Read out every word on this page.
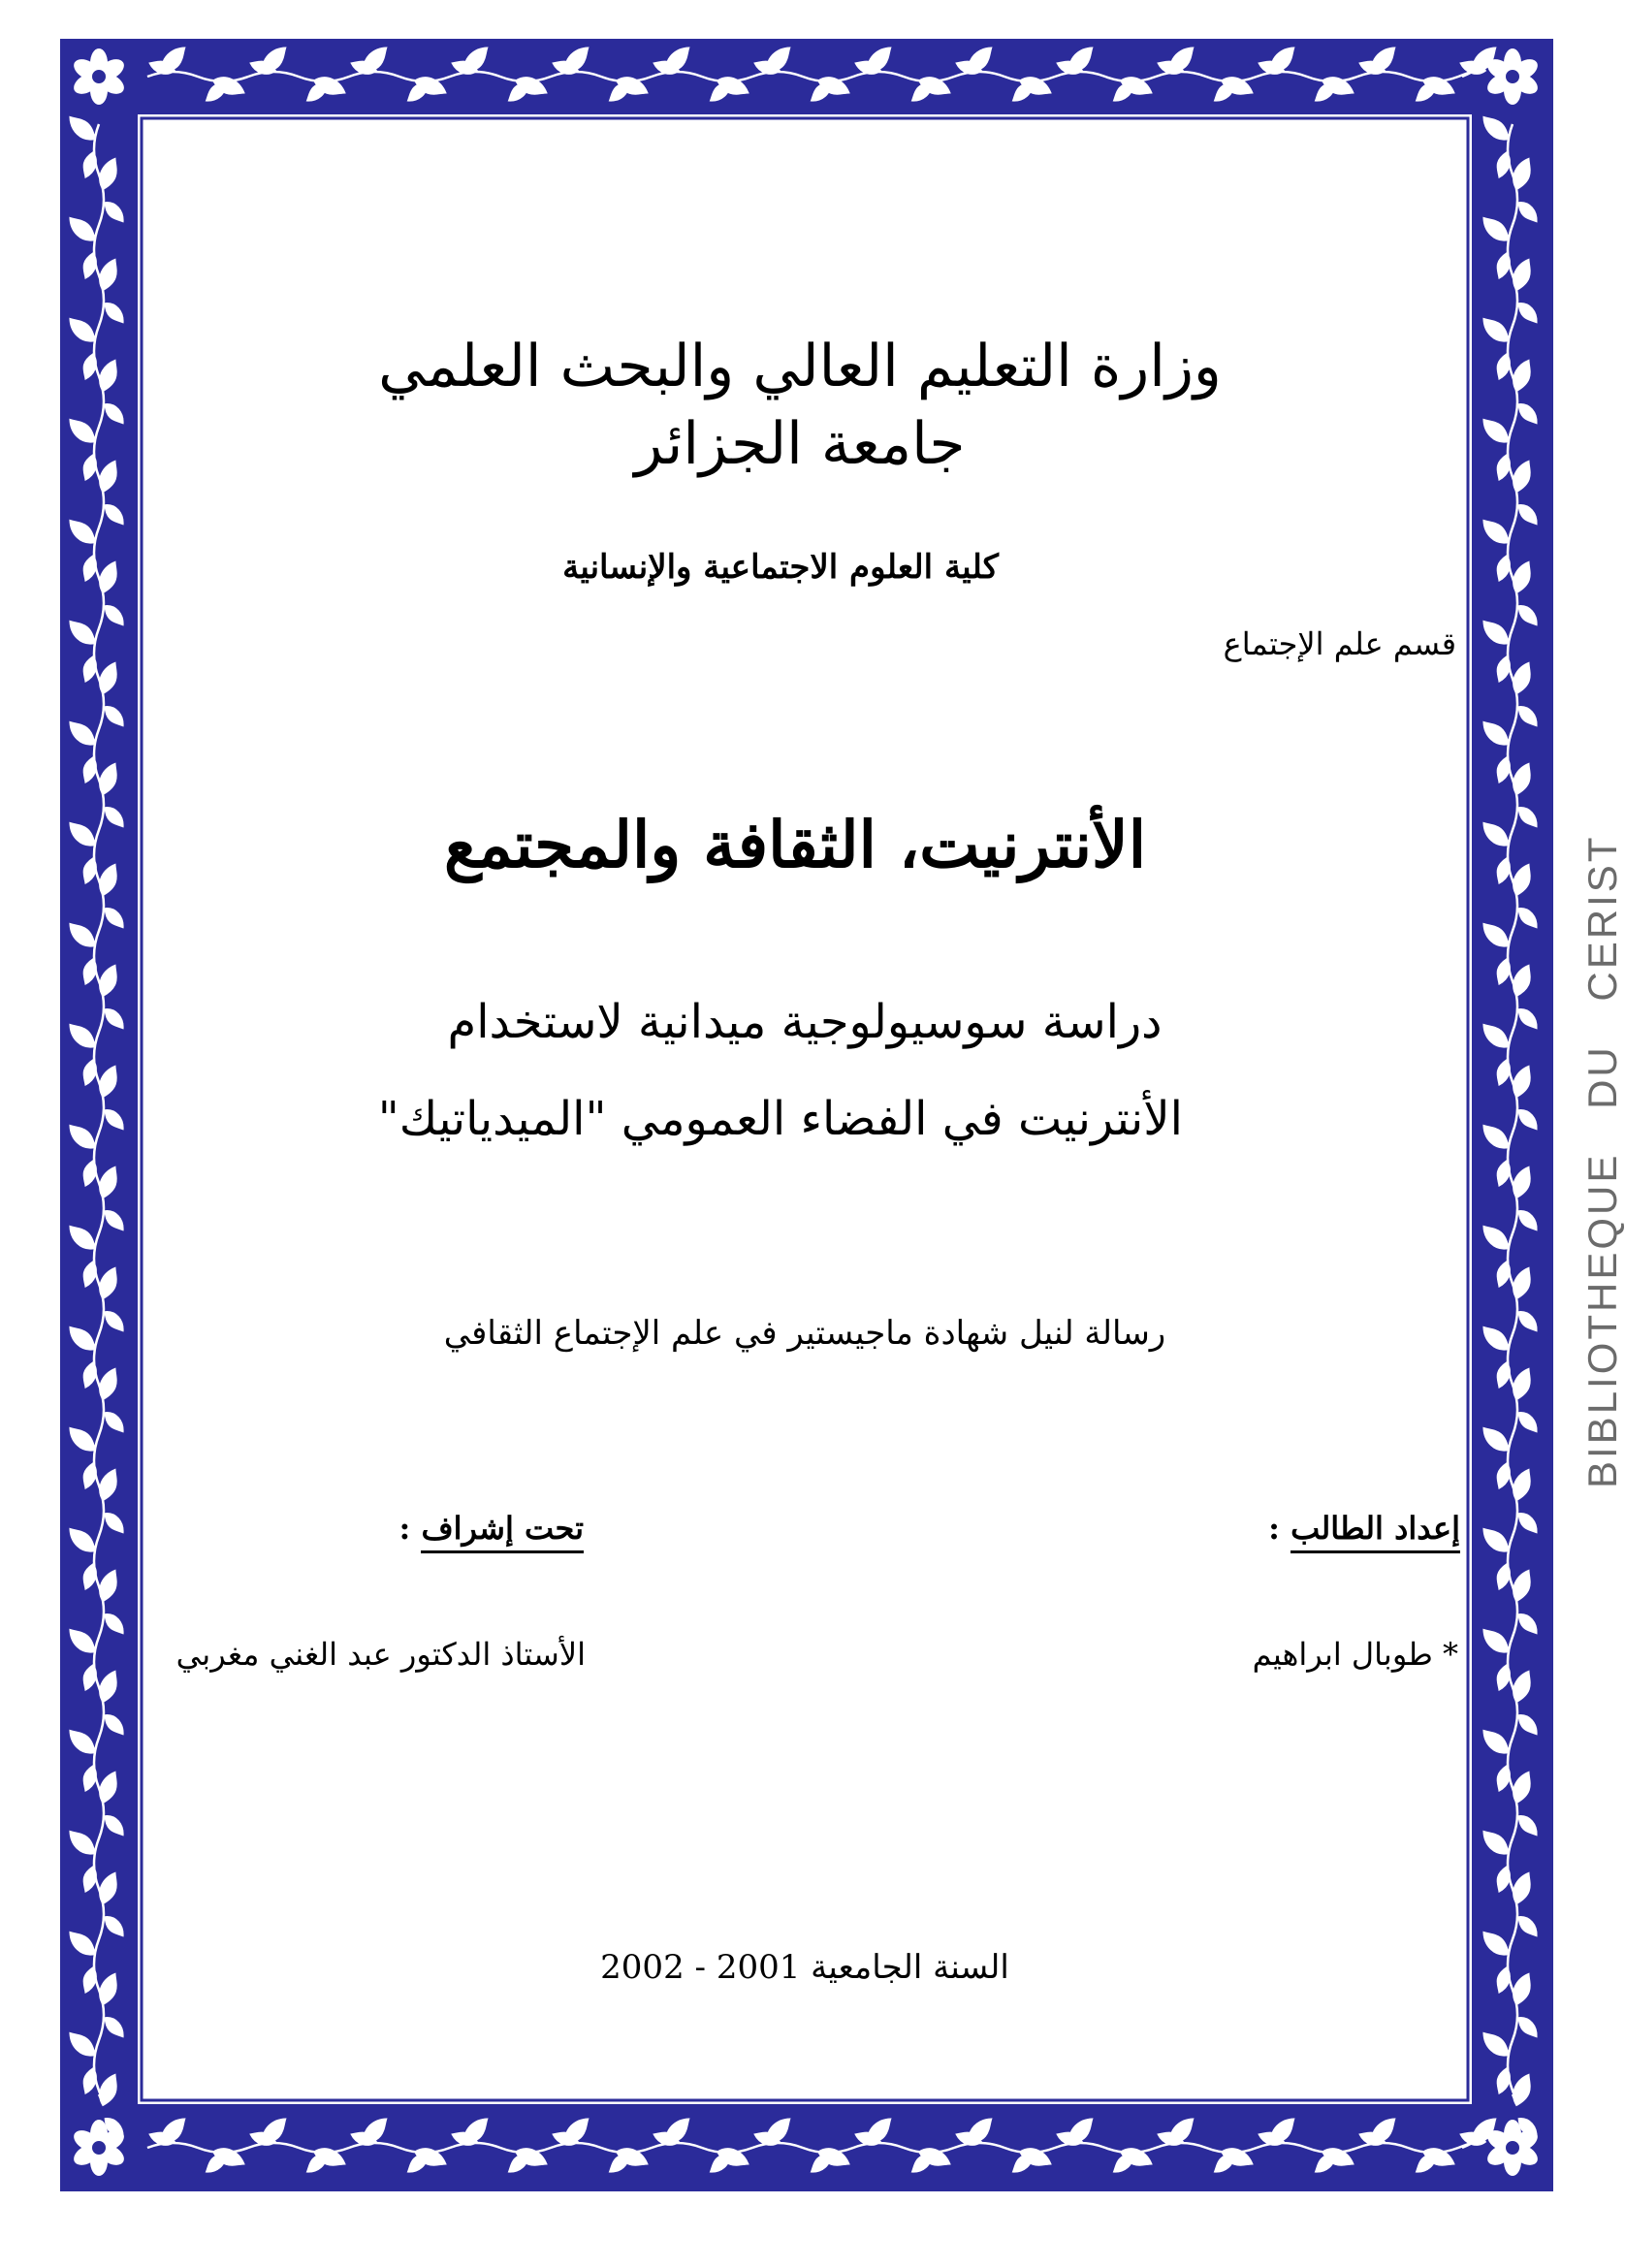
وزارة التعليم العالي والبحث العلمي
جامعة الجزائر
كلية العلوم الاجتماعية والإنسانية
قسم علم الإجتماع
الأنترنيت، الثقافة والمجتمع
دراسة سوسيولوجية ميدانية لاستخدام
الأنترنيت في الفضاء العمومي "الميدياتيك"
رسالة لنيل شهادة ماجيستير في علم الإجتماع الثقافي
إعداد الطالب :
تحت إشراف :
* طوبال ابراهيم
الأستاذ الدكتور عبد الغني مغربي
السنة الجامعية 2001 - 2002
BIBLIOTHEQUE DU CERIST
